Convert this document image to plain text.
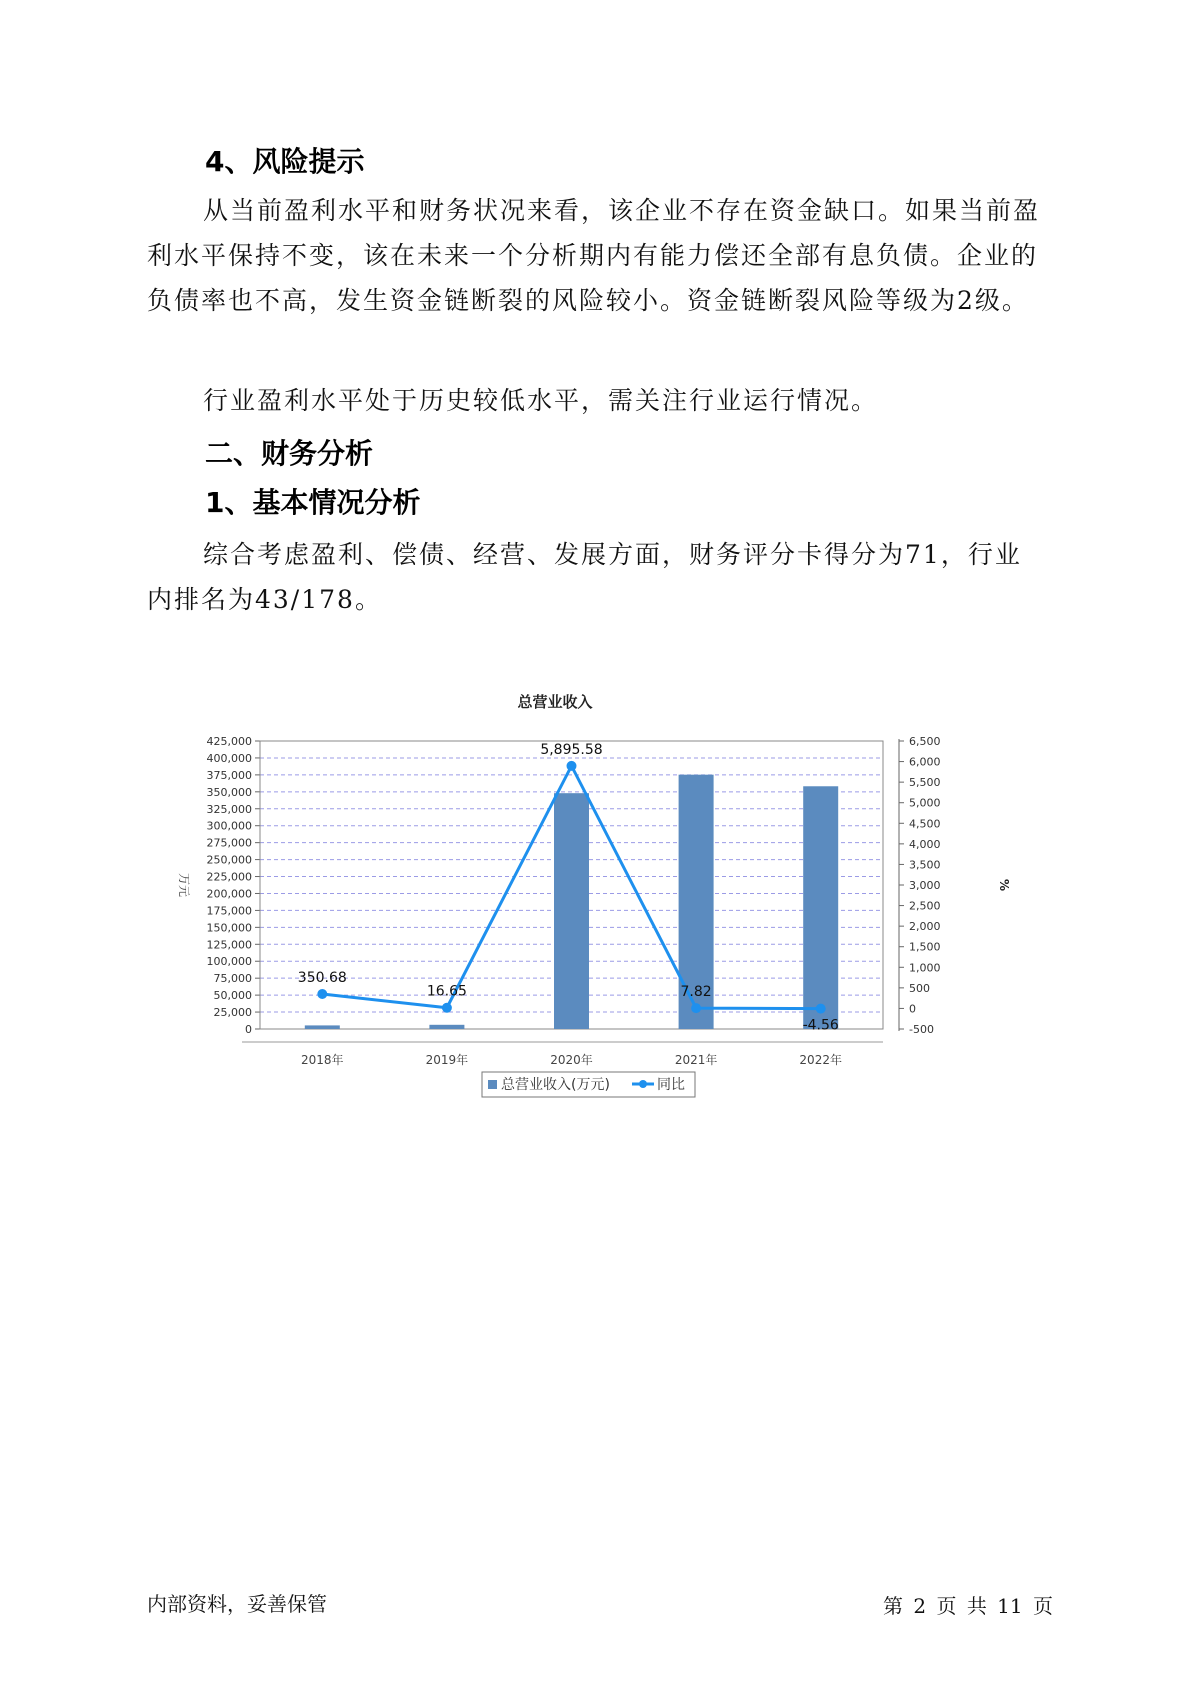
4、风险提示

从当前盈利水平和财务状况来看，该企业不存在资金缺口。如果当前盈利水平保持不变，该在未来一个分析期内有能力偿还全部有息负债。企业的负债率也不高，发生资金链断裂的风险较小。资金链断裂风险等级为2级。

行业盈利水平处于历史较低水平，需关注行业运行情况。

二、财务分析
1、基本情况分析

综合考虑盈利、偿债、经营、发展方面，财务评分卡得分为71，行业内排名为43/178。

总营业收入
0
25,000
50,000
75,000
100,000
125,000
150,000
175,000
200,000
225,000
250,000
275,000
300,000
325,000
350,000
375,000
400,000
425,000
-500
0
500
1,000
1,500
2,000
2,500
3,000
3,500
4,000
4,500
5,000
5,500
6,000
6,500
万元	%
2018年	2019年	2020年	2021年	2022年
350.68
16.65
5,895.58
7.82
-4.56
总营业收入(万元)	同比
内部资料，妥善保管	第 2 页 共 11 页
